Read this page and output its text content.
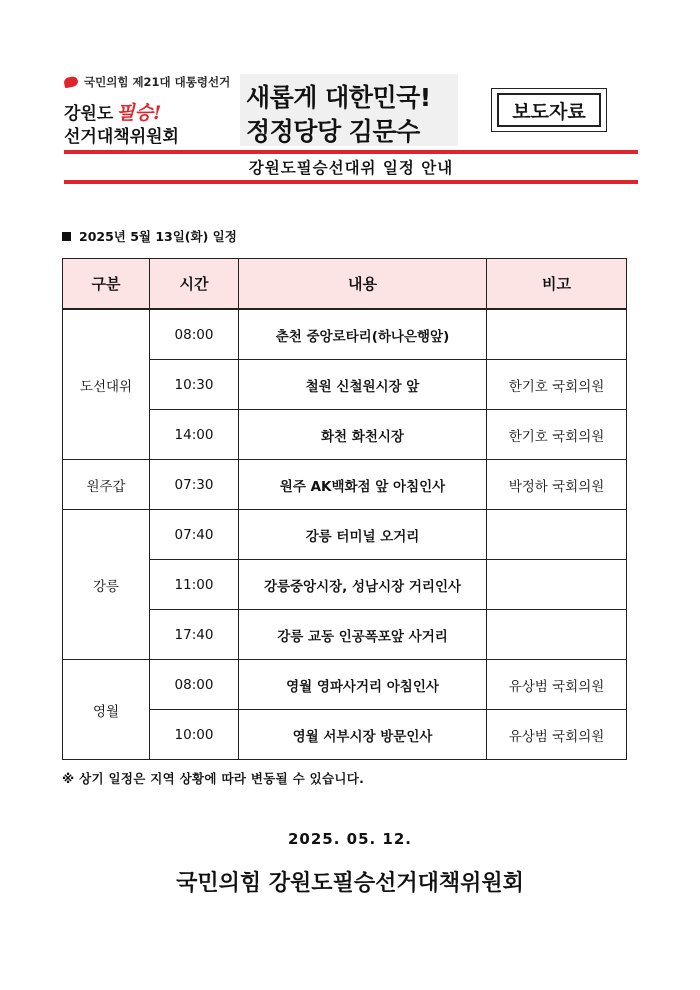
국민의힘 제21대 대통령선거
강원도 필승!
선거대책위원회
새롭게 대한민국!
정정당당 김문수
보도자료
강원도필승선대위 일정 안내
2025년 5월 13일(화) 일정
구분	시간	내용	비고
도선대위	08:00	춘천 중앙로타리(하나은행앞)	
	10:30	철원 신철원시장 앞	한기호 국회의원
	14:00	화천 화천시장	한기호 국회의원
원주갑	07:30	원주 AK백화점 앞 아침인사	박정하 국회의원
강릉	07:40	강릉 터미널 오거리	
	11:00	강릉중앙시장, 성남시장 거리인사	
	17:40	강릉 교동 인공폭포앞 사거리	
영월	08:00	영월 영파사거리 아침인사	유상범 국회의원
	10:00	영월 서부시장 방문인사	유상범 국회의원
※ 상기 일정은 지역 상황에 따라 변동될 수 있습니다.
2025. 05. 12.
국민의힘 강원도필승선거대책위원회
